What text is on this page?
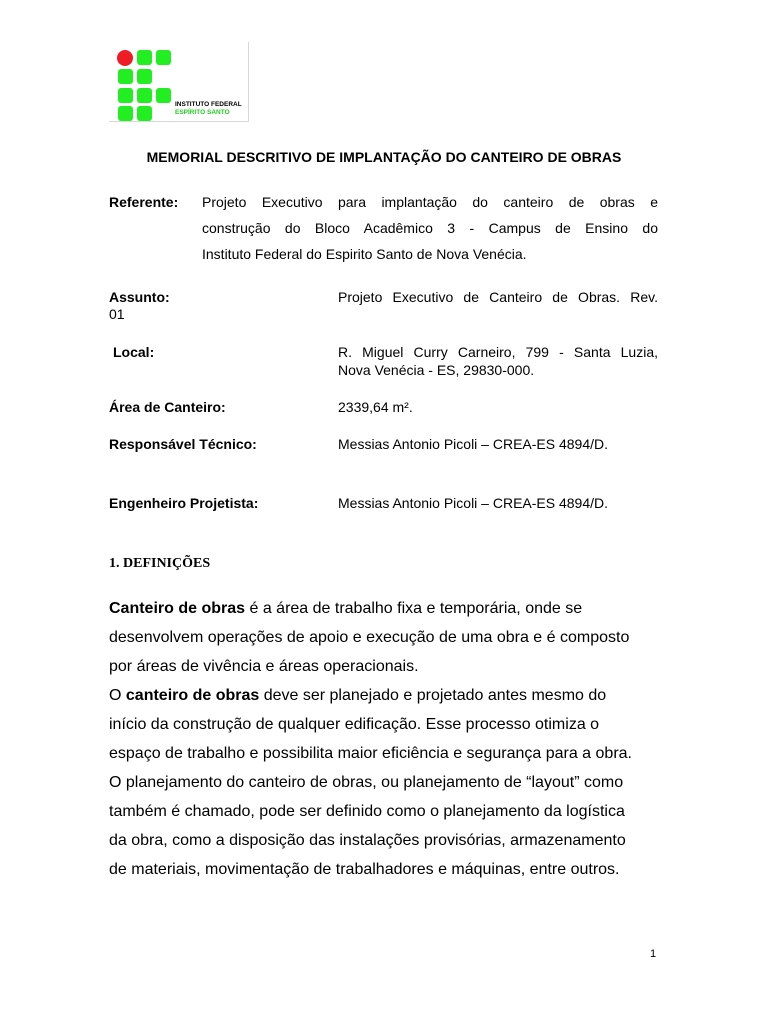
INSTITUTO FEDERAL
ESPÍRITO SANTO
MEMORIAL DESCRITIVO DE IMPLANTAÇÃO DO CANTEIRO DE OBRAS
Referente: Projeto Executivo para implantação do canteiro de obras e
construção do Bloco Acadêmico 3 - Campus de Ensino do
Instituto Federal do Espirito Santo de Nova Venécia.
Assunto:	Projeto Executivo de Canteiro de Obras. Rev.
01
Local:	R. Miguel Curry Carneiro, 799 - Santa Luzia,
Nova Venécia - ES, 29830-000.
Área de Canteiro:	2339,64 m².
Responsável Técnico:	Messias Antonio Picoli – CREA-ES 4894/D.
Engenheiro Projetista:	Messias Antonio Picoli – CREA-ES 4894/D.
1. DEFINIÇÕES
Canteiro de obras é a área de trabalho fixa e temporária, onde se
desenvolvem operações de apoio e execução de uma obra e é composto
por áreas de vivência e áreas operacionais.
O canteiro de obras deve ser planejado e projetado antes mesmo do
início da construção de qualquer edificação. Esse processo otimiza o
espaço de trabalho e possibilita maior eficiência e segurança para a obra.
O planejamento do canteiro de obras, ou planejamento de “layout” como
também é chamado, pode ser definido como o planejamento da logística
da obra, como a disposição das instalações provisórias, armazenamento
de materiais, movimentação de trabalhadores e máquinas, entre outros.
1
